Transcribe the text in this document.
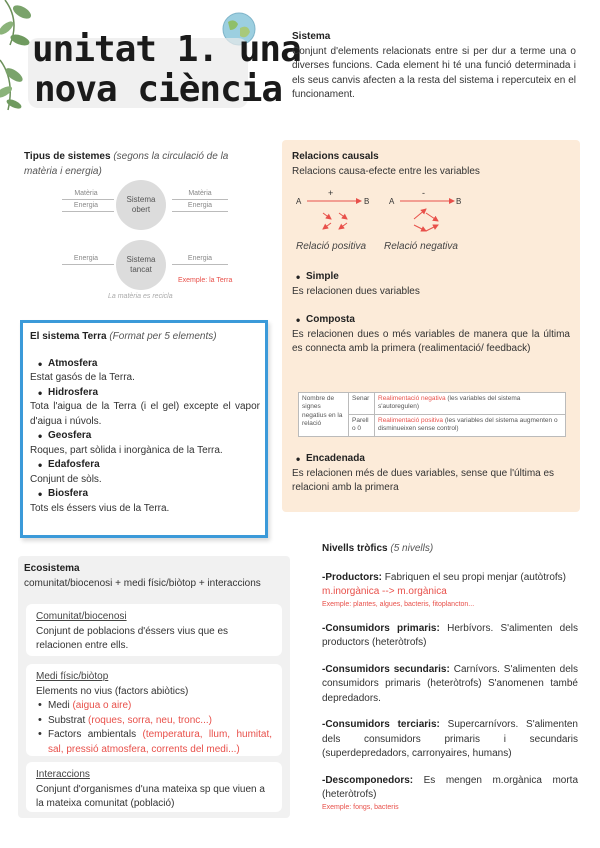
unitat 1. una
nova ciència
Sistema
Conjunt d'elements relacionats entre si per dur a terme una o diverses funcions. Cada element hi té una funció determinada i els seus canvis afecten a la resta del sistema i repercuteix en el funcionament.
Tipus de sistemes (segons la circulació de la matèria i energia)
Matèria
Energia
Sistema
obert
Matèria
Energia
Energia	Sistema
tancat
Energia
Exemple: la Terra
La matèria es recicla
Relacions causals
Relacions causa-efecte entre les variables
+
A	B
-
A	B
Relació positiva Relació negativa
• Simple
Es relacionen dues variables
• Composta
Es relacionen dues o més variables de manera que la última es connecta amb la primera (realimentació/ feedback)
Nombre de signes negatius en la relació	Senar	Realimentació negativa (les variables del sistema s'autoregulen)
	Parell o 0	Realimentació positiva (les variables del sistema augmenten o disminueixen sense control)
• Encadenada
Es relacionen més de dues variables, sense que l'última es relacioni amb la primera
El sistema Terra (Format per 5 elements)
• Atmosfera
Estat gasós de la Terra.
• Hidrosfera
Tota l'aigua de la Terra (i el gel) excepte el vapor d'aigua i núvols.
• Geosfera
Roques, part sòlida i inorgànica de la Terra.
• Edafosfera
Conjunt de sòls.
• Biosfera
Tots els éssers vius de la Terra.
Ecosistema
comunitat/biocenosi + medi físic/biòtop + interaccions
Comunitat/biocenosi
Conjunt de poblacions d'éssers vius que es relacionen entre ells.
Medi físic/biòtop
Elements no vius (factors abiòtics)
• Medi (aigua o aire)
• Substrat (roques, sorra, neu, tronc...)
• Factors ambientals (temperatura, llum, humitat, sal, pressió atmosfera, corrents del medi...)
Interaccions
Conjunt d'organismes d'una mateixa sp que viuen a la mateixa comunitat (població)
Nivells tròfics (5 nivells)
-Productors: Fabriquen el seu propi menjar (autòtrofs)
m.inorgànica --> m.orgànica
Exemple: plantes, algues, bacteris, fitoplancton...
-Consumidors primaris: Herbívors. S'alimenten dels productors (heteròtrofs)
-Consumidors secundaris: Carnívors. S'alimenten dels consumidors primaris (heteròtrofs) S'anomenen també depredadors.
-Consumidors terciaris: Supercarnívors. S'alimenten dels consumidors primaris i secundaris (superdepredadors, carronyaires, humans)
-Descomponedors: Es mengen m.orgànica morta (heteròtrofs)
Exemple: fongs, bacteris
